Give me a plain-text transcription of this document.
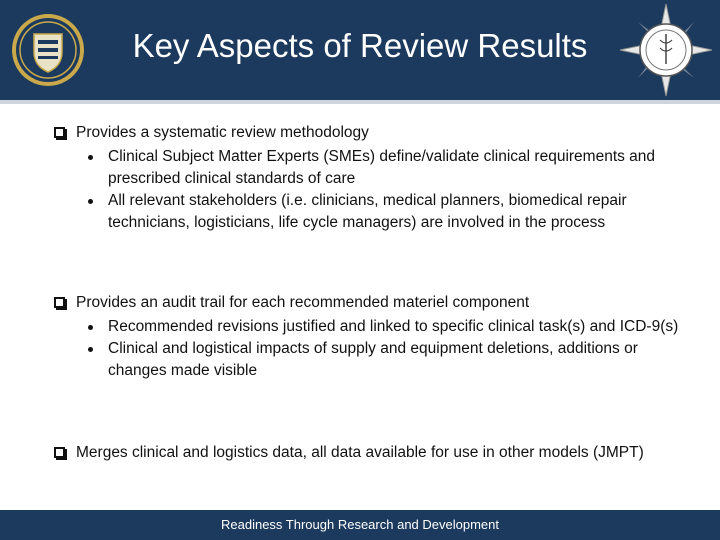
Key Aspects of Review Results
Provides a systematic review methodology
Clinical Subject Matter Experts (SMEs) define/validate clinical requirements and prescribed clinical standards of care
All relevant stakeholders (i.e. clinicians, medical planners, biomedical repair technicians, logisticians, life cycle managers) are involved in the process
Provides an audit trail for each recommended materiel component
Recommended revisions justified and linked to specific clinical task(s) and ICD-9(s)
Clinical and logistical impacts of supply and equipment deletions, additions or changes made visible
Merges clinical and logistics data, all data available for use in other models (JMPT)
Readiness Through Research and Development
